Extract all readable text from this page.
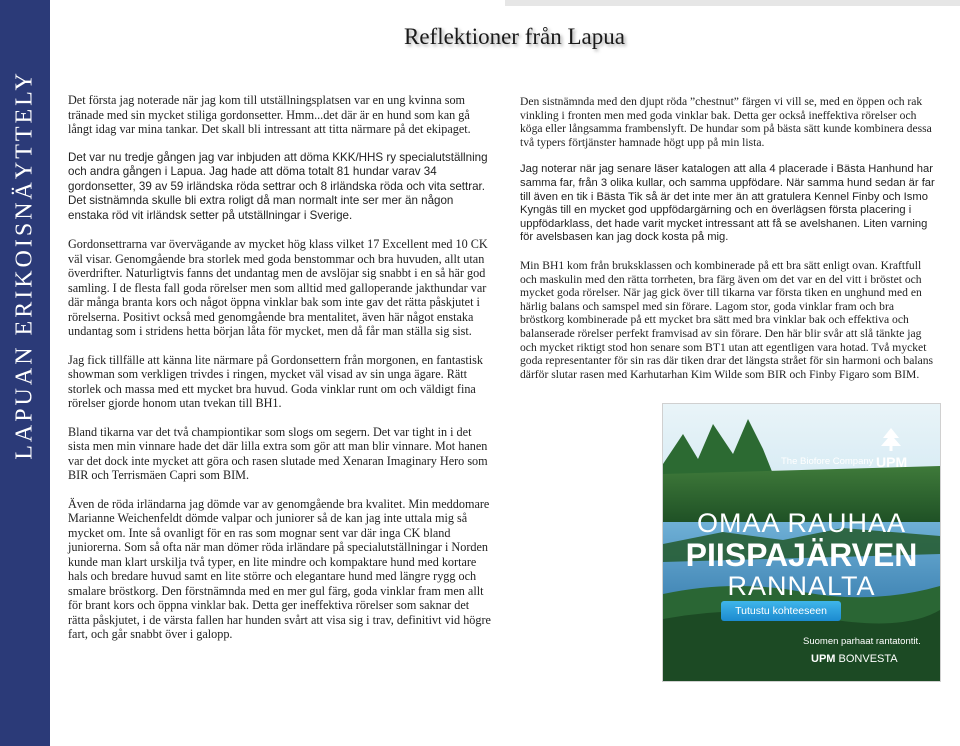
LAPUAN ERIKOISNÄYTTELY
Reflektioner från Lapua

Det första jag noterade när jag kom till utställningsplatsen var en ung kvinna som tränade med sin mycket stiliga gordonsetter. Hmm...det där är en hund som kan gå långt idag var mina tankar. Det skall bli intressant att titta närmare på det ekipaget.

Det var nu tredje gången jag var inbjuden att döma KKK/HHS ry specialutställning och andra gången i Lapua. Jag hade att döma totalt 81 hundar varav 34 gordonsetter, 39 av 59 irländska röda settrar och 8 irländska röda och vita settrar. Det sistnämnda skulle bli extra roligt då man normalt inte ser mer än någon enstaka röd vit irländsk setter på utställningar i Sverige.

Gordonsettrarna var övervägande av mycket hög klass vilket 17 Excellent med 10 CK väl visar. Genomgående bra storlek med goda benstommar och bra huvuden, allt utan överdrifter. Naturligtvis fanns det undantag men de avslöjar sig snabbt i en så här god samling. I de flesta fall goda rörelser men som alltid med galloperande jakthundar var där många branta kors och något öppna vinklar bak som inte gav det rätta påskjutet i rörelserna. Positivt också med genomgående bra mentalitet, även här något enstaka undantag som i stridens hetta början låta för mycket, men då får man ställa sig sist.

Jag fick tillfälle att känna lite närmare på Gordonsettern från morgonen, en fantastisk showman som verkligen trivdes i ringen, mycket väl visad av sin unga ägare. Rätt storlek och massa med ett mycket bra huvud. Goda vinklar runt om och väldigt fina rörelser gjorde honom utan tvekan till BH1.

Bland tikarna var det två championtikar som slogs om segern. Det var tight in i det sista men min vinnare hade det där lilla extra som gör att man blir vinnare. Mot hanen var det dock inte mycket att göra och rasen slutade med Xenaran Imaginary Hero som BIR och Terrismäen Capri som BIM.

Även de röda irländarna jag dömde var av genomgående bra kvalitet. Min meddomare Marianne Weichenfeldt dömde valpar och juniorer så de kan jag inte uttala mig så mycket om. Inte så ovanligt för en ras som mognar sent var där inga CK bland juniorerna. Som så ofta när man dömer röda irländare på specialutställningar i Norden kunde man klart urskilja två typer, en lite mindre och kompaktare hund med kortare hals och bredare huvud samt en lite större och elegantare hund med längre rygg och smalare bröstkorg. Den förstnämnda med en mer gul färg, goda vinklar fram men allt för brant kors och öppna vinklar bak. Detta ger ineffektiva rörelser som saknar det rätta påskjutet, i de värsta fallen har hunden svårt att visa sig i trav, definitivt vid högre fart, och går snabbt över i galopp.

Den sistnämnda med den djupt röda ”chestnut” färgen vi vill se, med en öppen och rak vinkling i fronten men med goda vinklar bak. Detta ger också ineffektiva rörelser och köga eller långsamma frambenslyft. De hundar som på bästa sätt kunde kombinera dessa två typers förtjänster hamnade högt upp på min lista.

Jag noterar när jag senare läser katalogen att alla 4 placerade i Bästa Hanhund har samma far, från 3 olika kullar, och samma uppfödare. När samma hund sedan är far till även en tik i Bästa Tik så är det inte mer än att gratulera Kennel Finby och Ismo Kyngäs till en mycket god uppfödargärning och en överlägsen första placering i uppfödarklass, det hade varit mycket intressant att få se avelshanen. Liten varning för avelsbasen kan jag dock kosta på mig.

Min BH1 kom från bruksklassen och kombinerade på ett bra sätt enligt ovan. Kraftfull och maskulin med den rätta torrheten, bra färg även om det var en del vitt i bröstet och mycket goda rörelser. När jag gick över till tikarna var första tiken en unghund med en härlig balans och samspel med sin förare. Lagom stor, goda vinklar fram och bra bröstkorg kombinerade på ett mycket bra sätt med bra vinklar bak och effektiva och balanserade rörelser perfekt framvisad av sin förare. Den här blir svår att slå tänkte jag och mycket riktigt stod hon senare som BT1 utan att egentligen vara hotad. Två mycket goda representanter för sin ras där tiken drar det längsta strået för sin harmoni och balans därför slutar rasen med Karhutarhan Kim Wilde som BIR och Finby Figaro som BIM.

The Biofore Company UPM
OMAA RAUHAA
PIISPAJÄRVEN
RANNALTA
Tutustu kohteeseen
Suomen parhaat rantatontit.
UPM BONVESTA
